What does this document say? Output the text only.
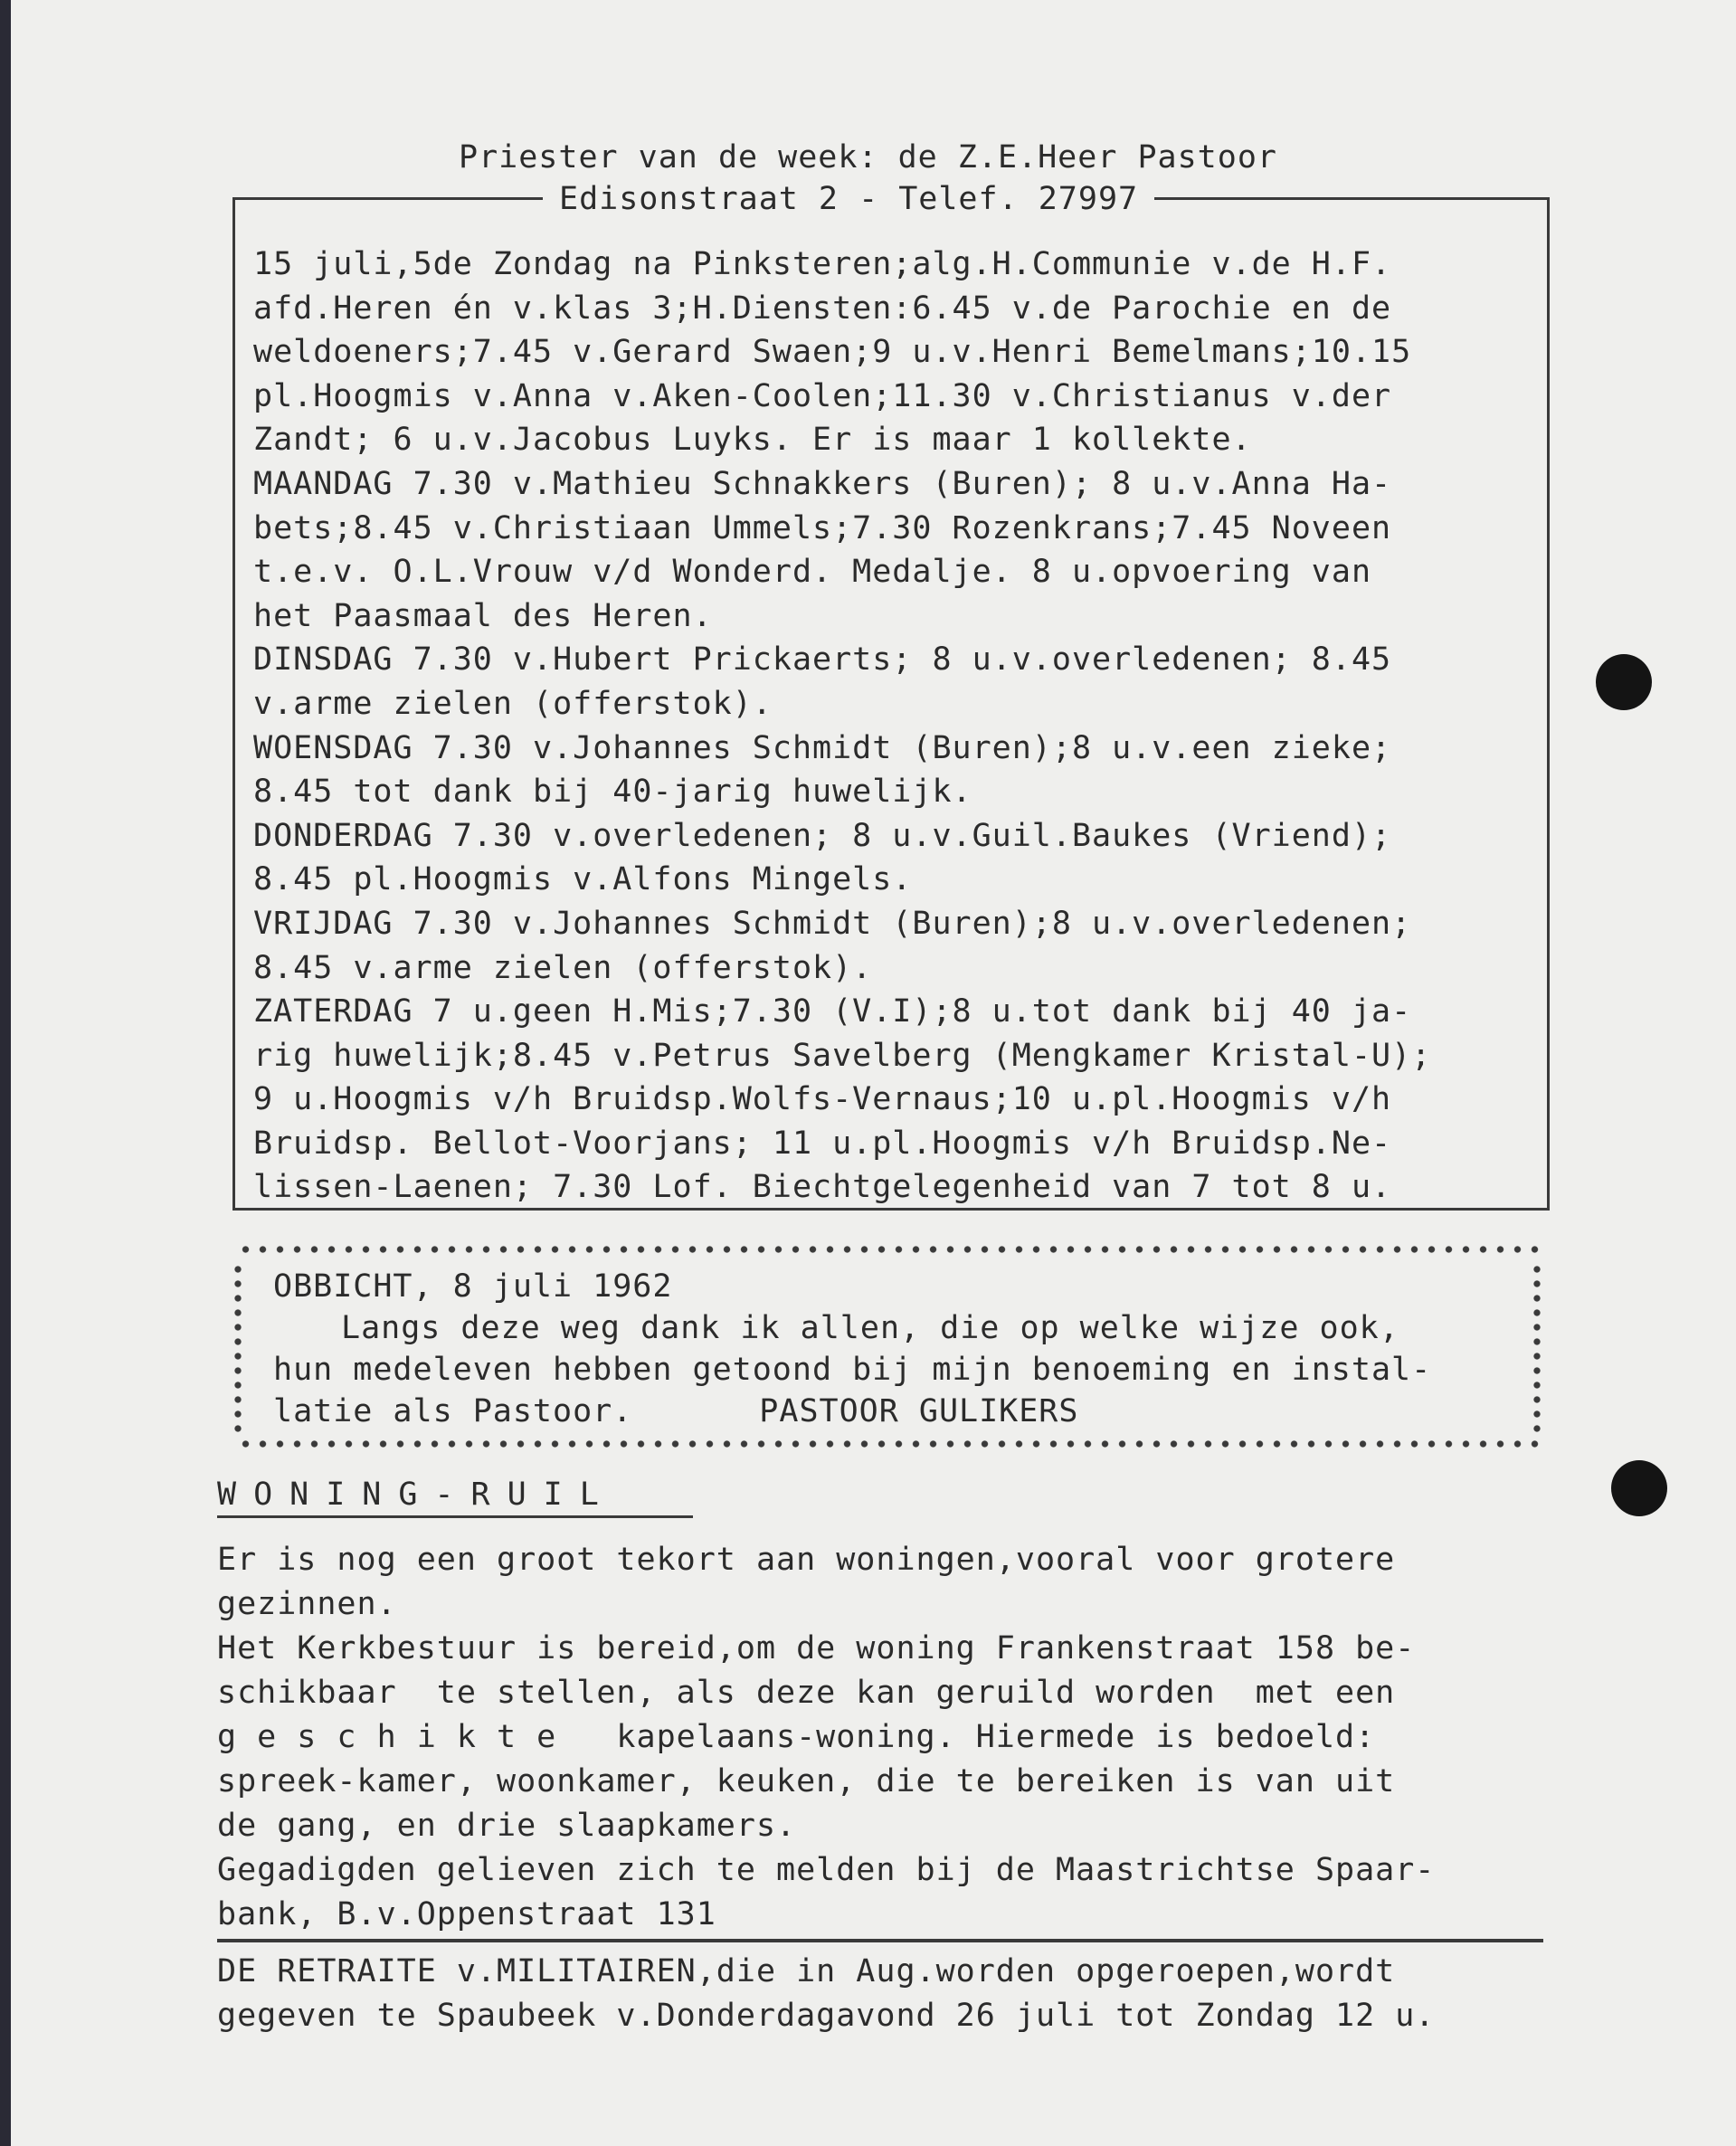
Priester van de week: de Z.E.Heer Pastoor
Edisonstraat 2 - Telef. 27997
15 juli,5de Zondag na Pinksteren;alg.H.Communie v.de H.F.
afd.Heren én v.klas 3;H.Diensten:6.45 v.de Parochie en de
weldoeners;7.45 v.Gerard Swaen;9 u.v.Henri Bemelmans;10.15
pl.Hoogmis v.Anna v.Aken-Coolen;11.30 v.Christianus v.der
Zandt; 6 u.v.Jacobus Luyks. Er is maar 1 kollekte.
MAANDAG 7.30 v.Mathieu Schnakkers (Buren); 8 u.v.Anna Ha-
bets;8.45 v.Christiaan Ummels;7.30 Rozenkrans;7.45 Noveen
t.e.v. O.L.Vrouw v/d Wonderd. Medalje. 8 u.opvoering van
het Paasmaal des Heren.
DINSDAG 7.30 v.Hubert Prickaerts; 8 u.v.overledenen; 8.45
v.arme zielen (offerstok).
WOENSDAG 7.30 v.Johannes Schmidt (Buren);8 u.v.een zieke;
8.45 tot dank bij 40-jarig huwelijk.
DONDERDAG 7.30 v.overledenen; 8 u.v.Guil.Baukes (Vriend);
8.45 pl.Hoogmis v.Alfons Mingels.
VRIJDAG 7.30 v.Johannes Schmidt (Buren);8 u.v.overledenen;
8.45 v.arme zielen (offerstok).
ZATERDAG 7 u.geen H.Mis;7.30 (V.I);8 u.tot dank bij 40 ja-
rig huwelijk;8.45 v.Petrus Savelberg (Mengkamer Kristal-U);
9 u.Hoogmis v/h Bruidsp.Wolfs-Vernaus;10 u.pl.Hoogmis v/h
Bruidsp. Bellot-Voorjans; 11 u.pl.Hoogmis v/h Bruidsp.Ne-
lissen-Laenen; 7.30 Lof. Biechtgelegenheid van 7 tot 8 u.
OBBICHT, 8 juli 1962
Langs deze weg dank ik allen, die op welke wijze ook,
hun medeleven hebben getoond bij mijn benoeming en instal-
latie als Pastoor.	PASTOOR GULIKERS
WONING-RUIL
Er is nog een groot tekort aan woningen,vooral voor grotere
gezinnen.
Het Kerkbestuur is bereid,om de woning Frankenstraat 158 be-
schikbaar  te stellen, als deze kan geruild worden  met een
g e s c h i k t e   kapelaans-woning. Hiermede is bedoeld:
spreek-kamer, woonkamer, keuken, die te bereiken is van uit
de gang, en drie slaapkamers.
Gegadigden gelieven zich te melden bij de Maastrichtse Spaar-
bank, B.v.Oppenstraat 131
DE RETRAITE v.MILITAIREN,die in Aug.worden opgeroepen,wordt
gegeven te Spaubeek v.Donderdagavond 26 juli tot Zondag 12 u.
